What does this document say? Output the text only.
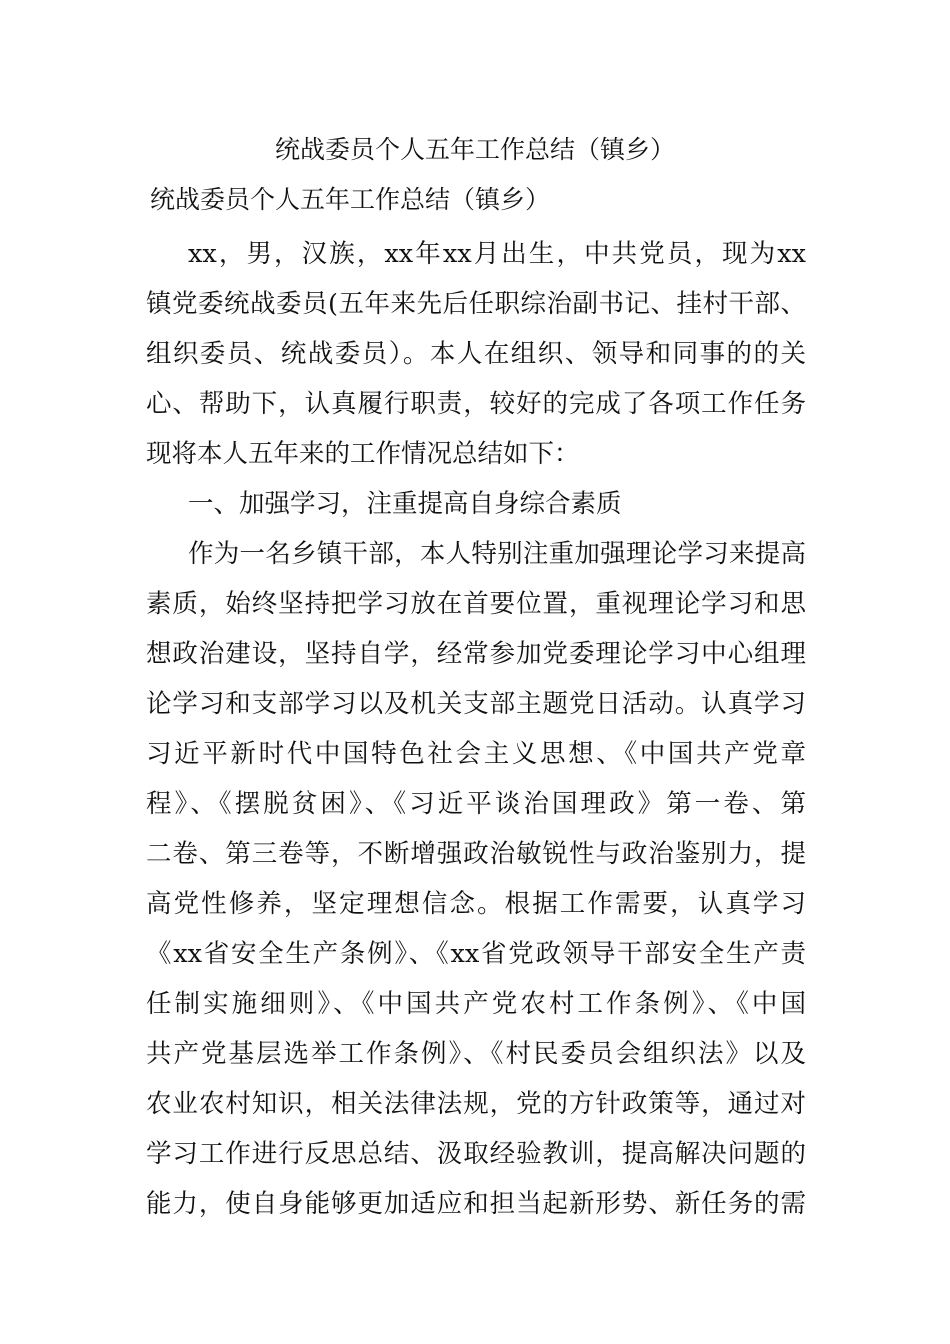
统战委员个人五年工作总结（镇乡）
统战委员个人五年工作总结（镇乡）
xx，男，汉族，xx年xx月出生，中共党员，现为xx
镇党委统战委员(五年来先后任职综治副书记、挂村干部、
组织委员、统战委员）。本人在组织、领导和同事的的关
心、帮助下，认真履行职责，较好的完成了各项工作任务
现将本人五年来的工作情况总结如下：
一、加强学习，注重提高自身综合素质
作为一名乡镇干部，本人特别注重加强理论学习来提高
素质，始终坚持把学习放在首要位置，重视理论学习和思
想政治建设，坚持自学，经常参加党委理论学习中心组理
论学习和支部学习以及机关支部主题党日活动。认真学习
习近平新时代中国特色社会主义思想、《中国共产党章
程》、《摆脱贫困》、《习近平谈治国理政》第一卷、第
二卷、第三卷等，不断增强政治敏锐性与政治鉴别力，提
高党性修养，坚定理想信念。根据工作需要，认真学习
《xx省安全生产条例》、《xx省党政领导干部安全生产责
任制实施细则》、《中国共产党农村工作条例》、《中国
共产党基层选举工作条例》、《村民委员会组织法》以及
农业农村知识，相关法律法规，党的方针政策等，通过对
学习工作进行反思总结、汲取经验教训，提高解决问题的
能力，使自身能够更加适应和担当起新形势、新任务的需
